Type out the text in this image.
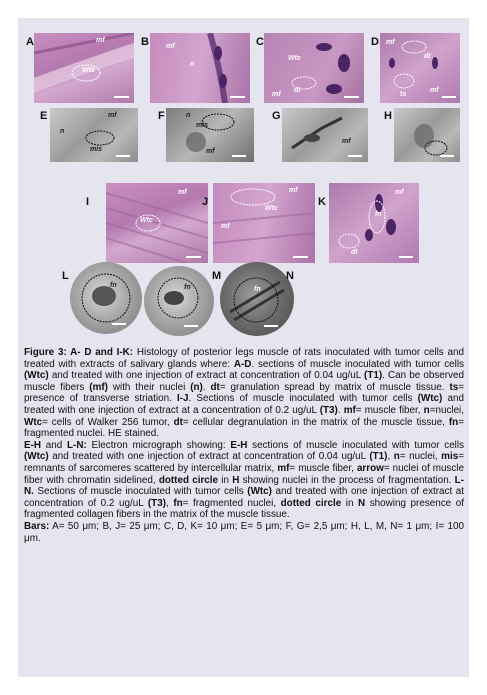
A	mf
Wtc
B mf
n
C
Wtc
dt
mf
D mf
dt
ts
mf
E	mf
n
mis
F
mis
mf
n	G
mf
H
I
mf
Wtc
J
mf
Wtc
mf
K
mf
fn
dt
L
fn	fn
M
fn
N

Figure 3: A- D and I-K: Histology of posterior legs muscle of rats inoculated with tumor cells and treated with extracts of salivary glands where: A-D. sections of muscle inoculated with tumor cells (Wtc) and treated with one injection of extract at concentration of 0.04 ug/uL (T1). Can be observed muscle fibers (mf) with their nuclei (n). dt= granulation spread by matrix of muscle tissue. ts= presence of transverse striation. I-J. Sections of muscle inoculated with tumor cells (Wtc) and treated with one injection of extract at a concentration of 0.2 ug/uL (T3). mf= muscle fiber, n=nuclei, Wtc= cells of Walker 256 tumor, dt= cellular degranulation in the matrix of the muscle tissue, fn= fragmented nuclei. HE stained.

E-H and L-N: Electron micrograph showing: E-H sections of muscle inoculated with tumor cells (Wtc) and treated with one injection of extract at concentration of 0.04 ug/uL (T1), n= nuclei, mis= remnants of sarcomeres scattered by intercellular matrix, mf= muscle fiber, arrow= nuclei of muscle fiber with chromatin sidelined, dotted circle in H showing nuclei in the process of fragmentation. L-N. Sections of muscle inoculated with tumor cells (Wtc) and treated with one injection of extract at concentration of 0.2 ug/uL (T3), fn= fragmented nuclei, dotted circle in N showing presence of fragmented collagen fibers in the matrix of the muscle tissue.

Bars: A= 50 μm; B, J= 25 μm; C, D, K= 10 μm; E= 5 μm; F, G= 2,5 μm; H, L, M, N= 1 μm; I= 100 μm.
